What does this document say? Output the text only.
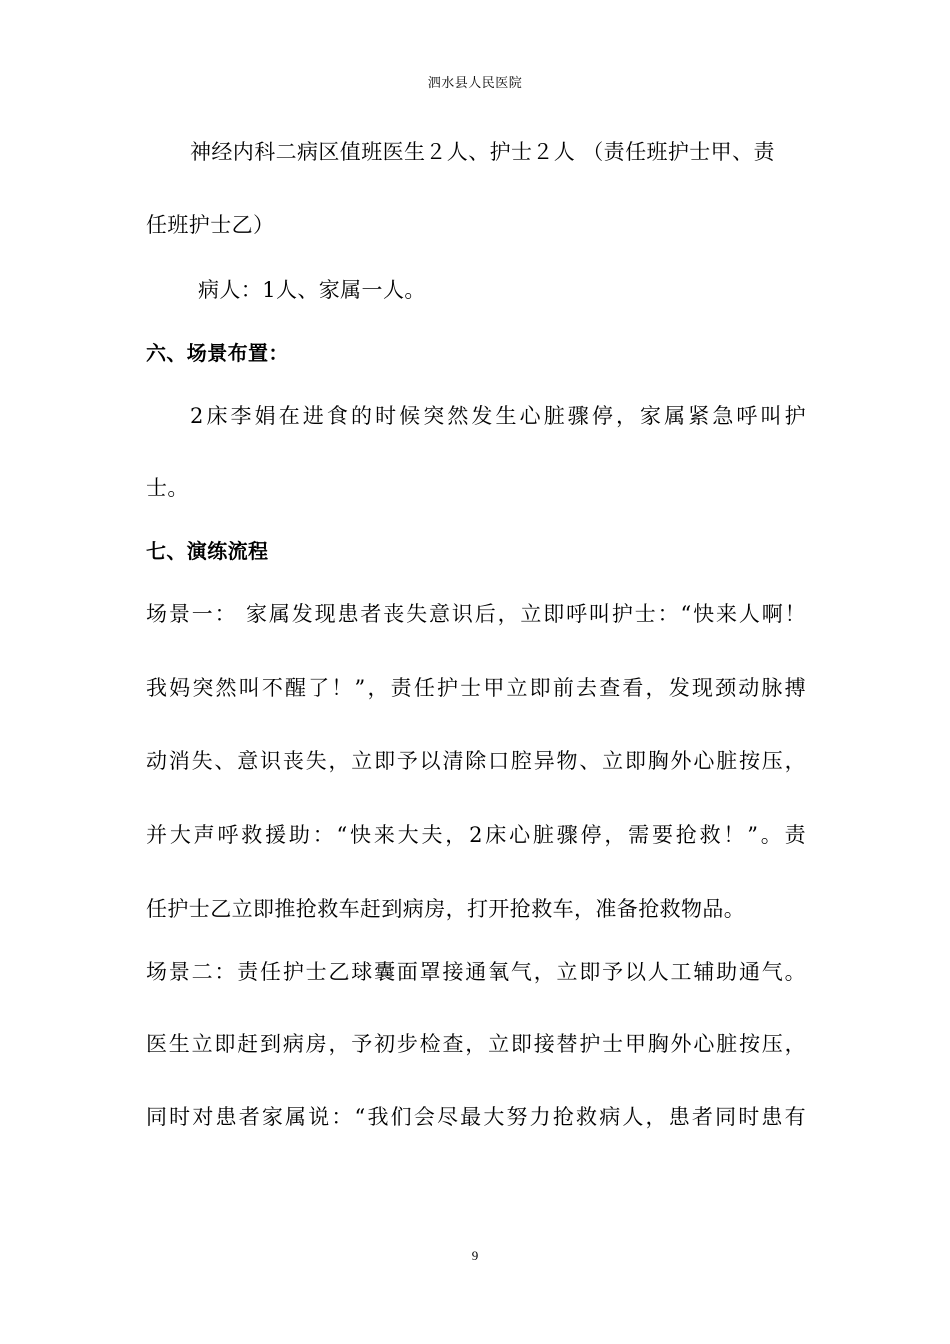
泗水县人民医院
神经内科二病区值班医生２人、护士２人 （责任班护士甲、责
任班护士乙）
病人：1人、家属一人。
六、场景布置：
2床李娟在进食的时候突然发生心脏骤停，家属紧急呼叫护
士。
七、演练流程
场景一： 家属发现患者丧失意识后，立即呼叫护士：“快来人啊！
我妈突然叫不醒了！”，责任护士甲立即前去查看，发现颈动脉搏
动消失、意识丧失，立即予以清除口腔异物、立即胸外心脏按压，
并大声呼救援助：“快来大夫，2床心脏骤停，需要抢救！”。责
任护士乙立即推抢救车赶到病房，打开抢救车，准备抢救物品。
场景二：责任护士乙球囊面罩接通氧气，立即予以人工辅助通气。
医生立即赶到病房，予初步检查，立即接替护士甲胸外心脏按压，
同时对患者家属说：“我们会尽最大努力抢救病人，患者同时患有
9
